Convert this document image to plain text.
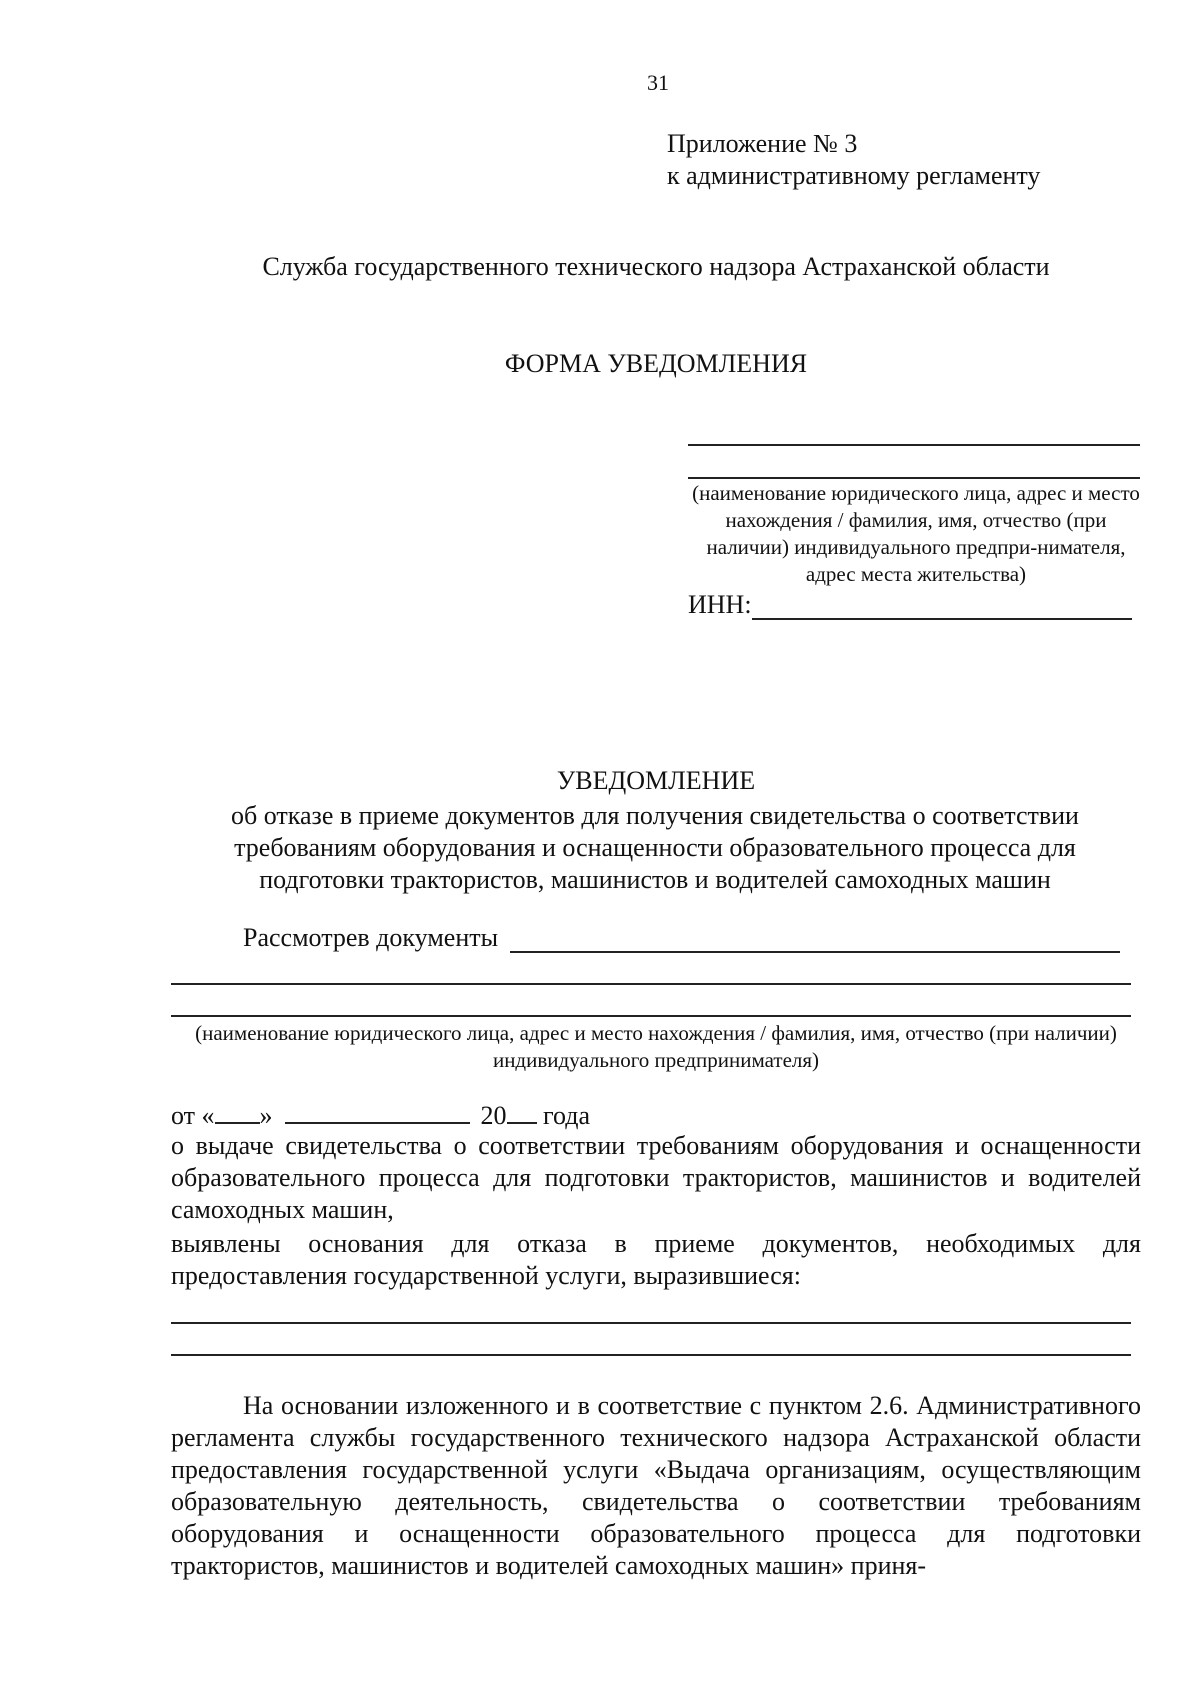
31
Приложение № 3
к административному регламенту
Служба государственного технического надзора Астраханской области
ФОРМА УВЕДОМЛЕНИЯ
(наименование юридического лица, адрес и место нахождения / фамилия, имя, отчество (при наличии) индивидуального предпри-нимателя, адрес места жительства)
ИНН:
УВЕДОМЛЕНИЕ
об отказе в приеме документов для получения свидетельства о соответствии требованиям оборудования и оснащенности образовательного процесса для подготовки трактористов, машинистов и водителей самоходных машин
Рассмотрев документы
(наименование юридического лица, адрес и место нахождения / фамилия, имя, отчество (при наличии) индивидуального предпринимателя)
от « »	20 года
о выдаче свидетельства о соответствии требованиям оборудования и оснащенности образовательного процесса для подготовки трактористов, машинистов и водителей самоходных машин,
выявлены основания для отказа в приеме документов, необходимых для предоставления государственной услуги, выразившиеся:
На основании изложенного и в соответствие с пунктом 2.6. Административного регламента службы государственного технического надзора Астраханской области предоставления государственной услуги «Выдача организациям, осуществляющим образовательную деятельность, свидетельства о соответствии требованиям оборудования и оснащенности образовательного процесса для подготовки трактористов, машинистов и водителей самоходных машин» приня-
